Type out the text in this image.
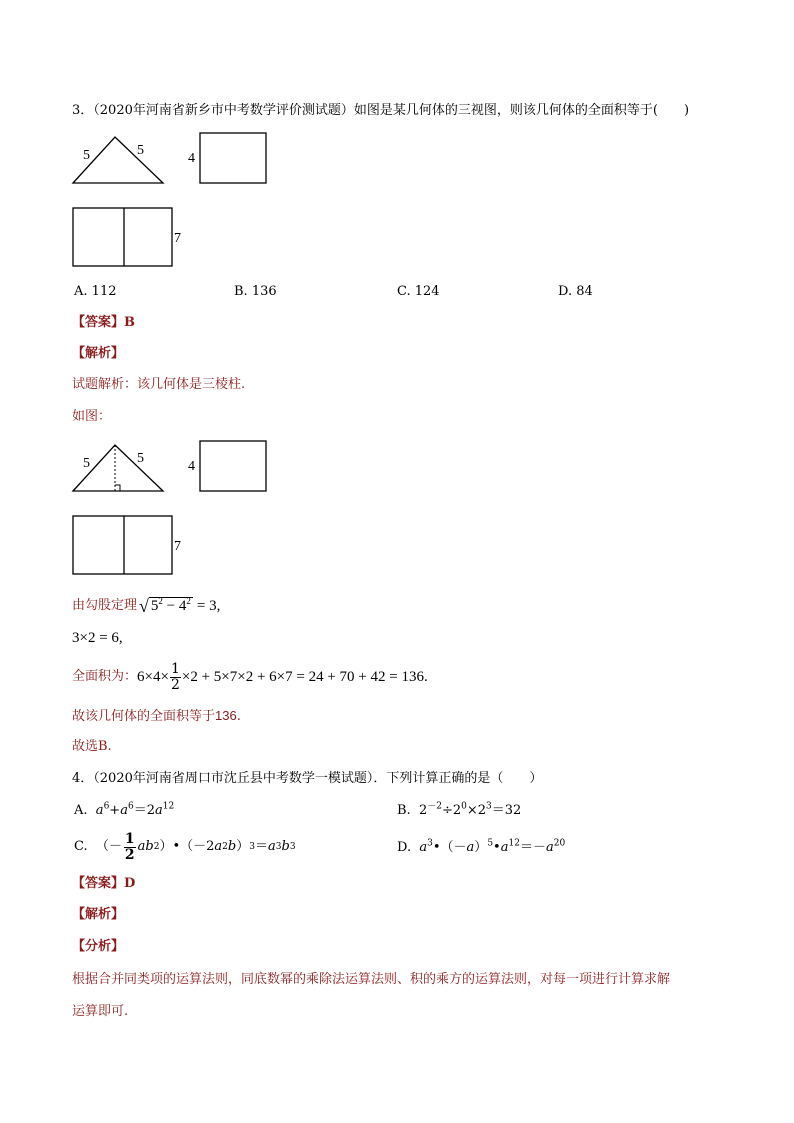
3．（2020年河南省新乡市中考数学评价测试题）如图是某几何体的三视图，则该几何体的全面积等于(　　)
5	5
4
7
A. 112	B. 136	C. 124	D. 84
【答案】B
【解析】
试题解析：该几何体是三棱柱.
如图：
5	5
4
7
由勾股定理 √ $5^2 - 4^2 = 3$,
3×2 = 6,
全面积为： $6\times 4\times \frac{1}{2} \times 2 + 5\times 7\times 2 + 6\times 7 = 24 + 70 + 42 = 136$.
故该几何体的全面积等于136.
故选B.
4．（2020年河南省周口市沈丘县中考数学一模试题）．下列计算正确的是（　　）
A. $a^6+a^6=2a^{12}$	B.  $2^{-2}\div 2^0\times 2^3=32$
C. （－ 1
2 ab 2 ）•（－2 a 2 b ） 3 ＝ a 3 b 3	D. $a^3•(-a)^5•a^{12}=-a^{20}$
【答案】D
【解析】
【分析】
根据合并同类项的运算法则，同底数幂的乘除法运算法则、积的乘方的运算法则，对每一项进行计算求解
运算即可.
